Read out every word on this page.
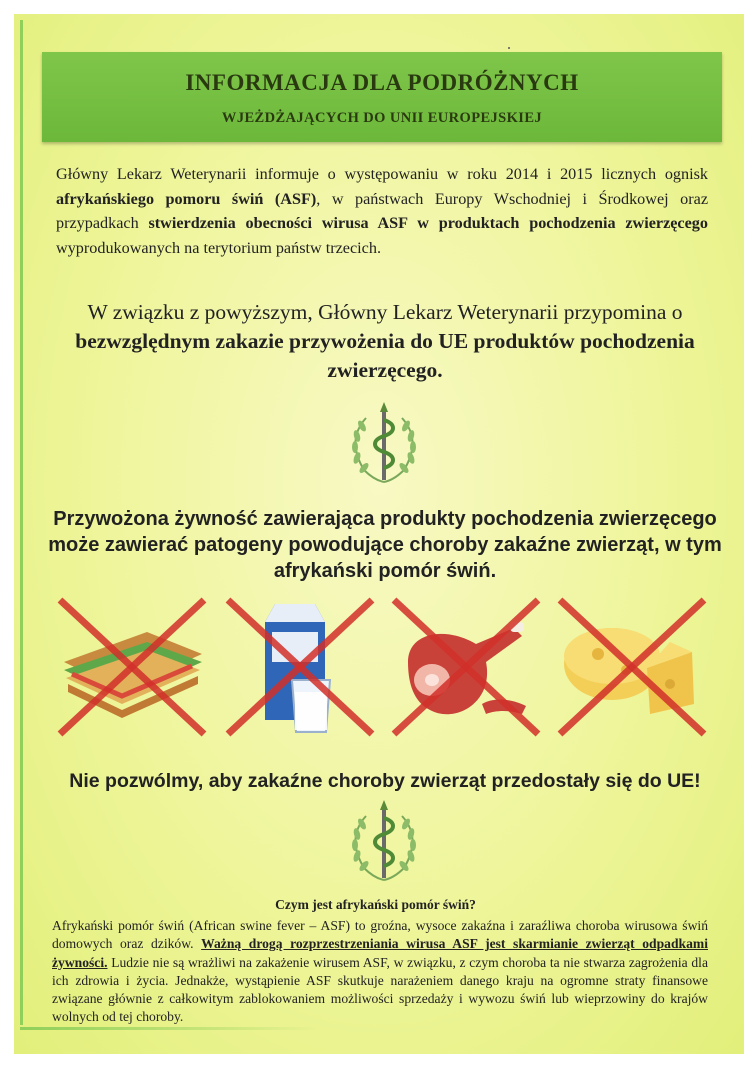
INFORMACJA DLA PODRÓŻNYCH
WJEŻDŻAJĄCYCH DO UNII EUROPEJSKIEJ
Główny Lekarz Weterynarii informuje o występowaniu w roku 2014 i 2015 licznych ognisk afrykańskiego pomoru świń (ASF), w państwach Europy Wschodniej i Środkowej oraz przypadkach stwierdzenia obecności wirusa ASF w produktach pochodzenia zwierzęcego wyprodukowanych na terytorium państw trzecich.
W związku z powyższym, Główny Lekarz Weterynarii przypomina o bezwzględnym zakazie przywożenia do UE produktów pochodzenia zwierzęcego.
Przywożona żywność zawierająca produkty pochodzenia zwierzęcego może zawierać patogeny powodujące choroby zakaźne zwierząt, w tym afrykański pomór świń.
Nie pozwólmy, aby zakaźne choroby zwierząt przedostały się do UE!
Czym jest afrykański pomór świń?
Afrykański pomór świń (African swine fever – ASF) to groźna, wysoce zakaźna i zaraźliwa choroba wirusowa świń domowych oraz dzików. Ważną drogą rozprzestrzeniania wirusa ASF jest skarmianie zwierząt odpadkami żywności. Ludzie nie są wrażliwi na zakażenie wirusem ASF, w związku, z czym choroba ta nie stwarza zagrożenia dla ich zdrowia i życia. Jednakże, wystąpienie ASF skutkuje narażeniem danego kraju na ogromne straty finansowe związane głównie z całkowitym zablokowaniem możliwości sprzedaży i wywozu świń lub wieprzowiny do krajów wolnych od tej choroby.
